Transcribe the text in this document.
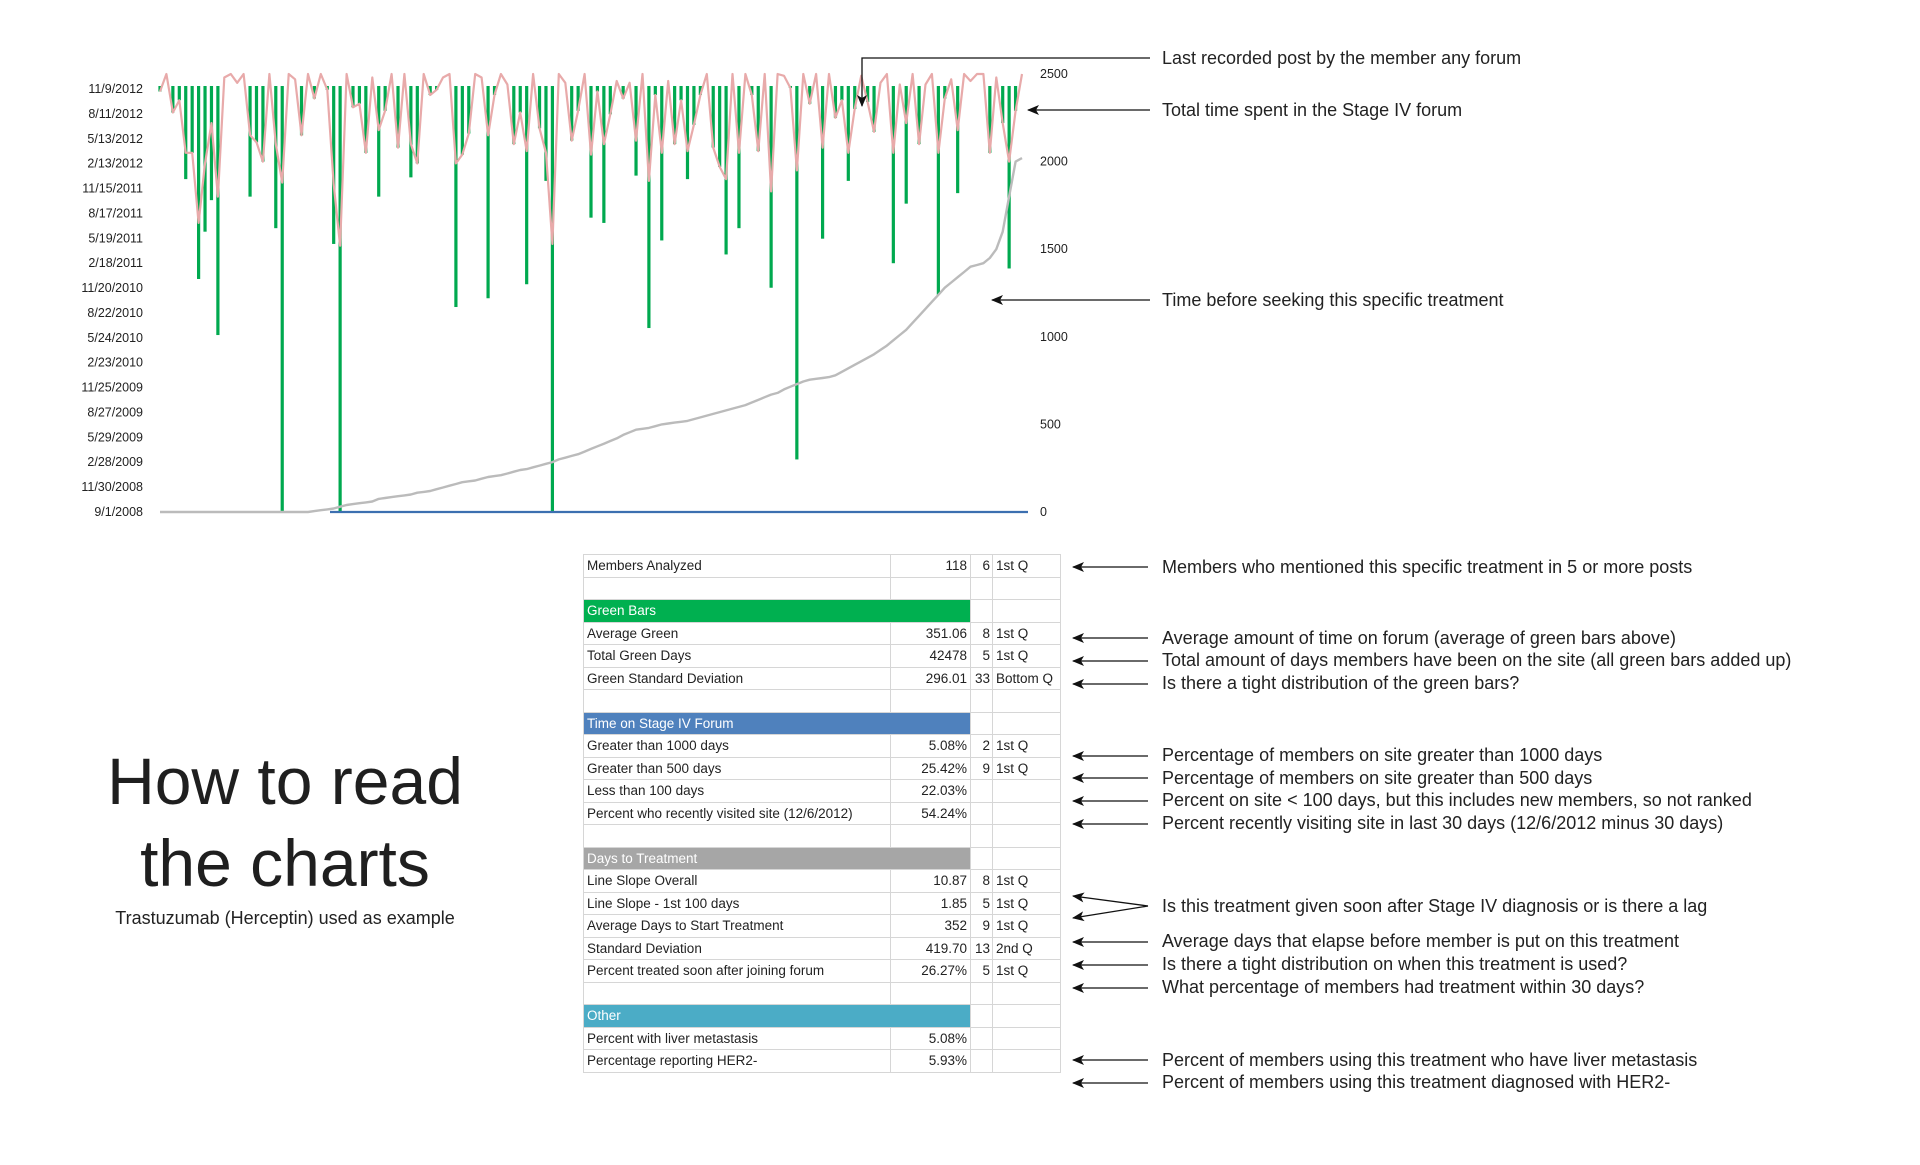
11/9/2012
8/11/2012
5/13/2012
2/13/2012
11/15/2011
8/17/2011
5/19/2011
2/18/2011
11/20/2010
8/22/2010
5/24/2010
2/23/2010
11/25/2009
8/27/2009
5/29/2009
2/28/2009
11/30/2008
9/1/2008
2500
2000
1500
1000
500
0
Last recorded post by the member any forum
Total time spent in the Stage IV forum
Time before seeking this specific treatment
Members who mentioned this specific treatment in 5 or more posts
Average amount of time on forum (average of green bars above)
Total amount of days members have been on the site (all green bars added up)
Is there a tight distribution of the green bars?
Percentage of members on site greater than 1000 days
Percentage of members on site greater than 500 days
Percent on site < 100 days, but this includes new members, so not ranked
Percent recently visiting site in last 30 days (12/6/2012 minus 30 days)
Is this treatment given soon after Stage IV diagnosis or is there a lag
Average days that elapse before member is put on this treatment
Is there a tight distribution on when this treatment is used?
What percentage of members had treatment within 30 days?
Percent of members using this treatment who have liver metastasis
Percent of members using this treatment diagnosed with HER2-
How to read the charts
Trastuzumab (Herceptin) used as example
Members Analyzed	118	6	1st Q

Green Bars			
Average Green	351.06	8	1st Q
Total Green Days	42478	5	1st Q
Green Standard Deviation	296.01	33	Bottom Q

Time on Stage IV Forum			
Greater than 1000 days	5.08%	2	1st Q
Greater than 500 days	25.42%	9	1st Q
Less than 100 days	22.03%		
Percent who recently visited site (12/6/2012)	54.24%		

Days to Treatment			
Line Slope Overall	10.87	8	1st Q
Line Slope - 1st 100 days	1.85	5	1st Q
Average Days to Start Treatment	352	9	1st Q
Standard Deviation	419.70	13	2nd Q
Percent treated soon after joining forum	26.27%	5	1st Q

Other			
Percent with liver metastasis	5.08%		
Percentage reporting HER2-	5.93%		
